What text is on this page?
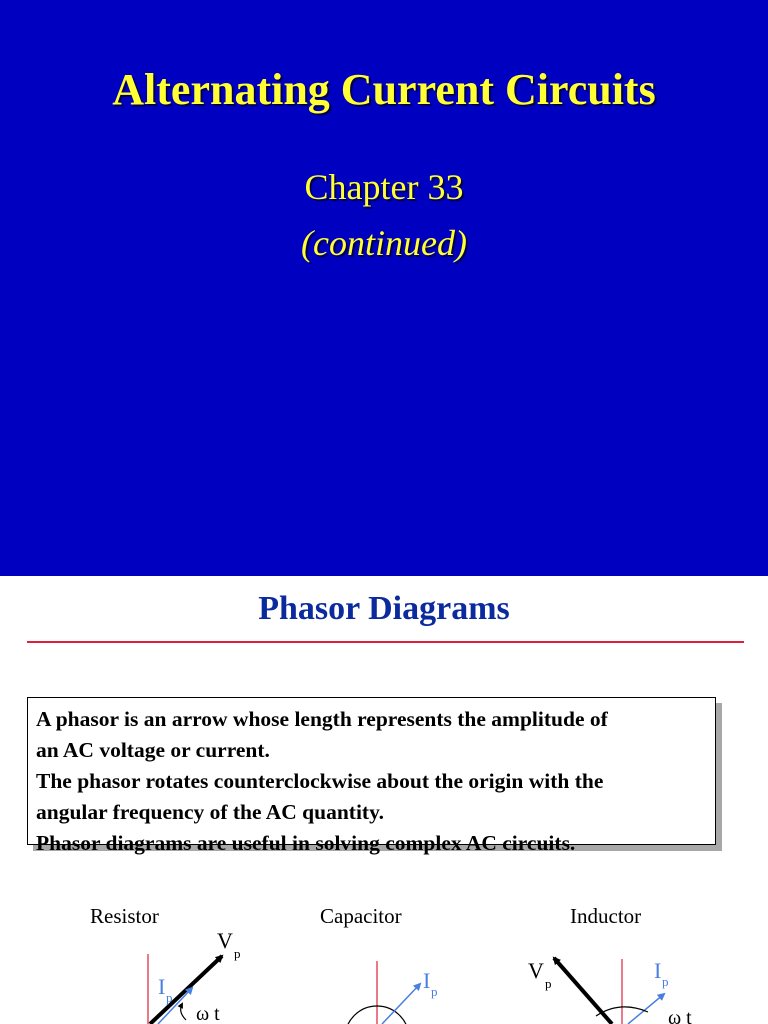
Alternating Current Circuits
Chapter 33
(continued)
Phasor Diagrams
A phasor is an arrow whose length represents the amplitude of
an AC voltage or current.
The phasor rotates counterclockwise about the origin with the
angular frequency of the AC quantity.
Phasor diagrams are useful in solving complex AC circuits.
Resistor	Capacitor	Inductor
V
p
I p
ω t
I p
V
p
I p
ω t
